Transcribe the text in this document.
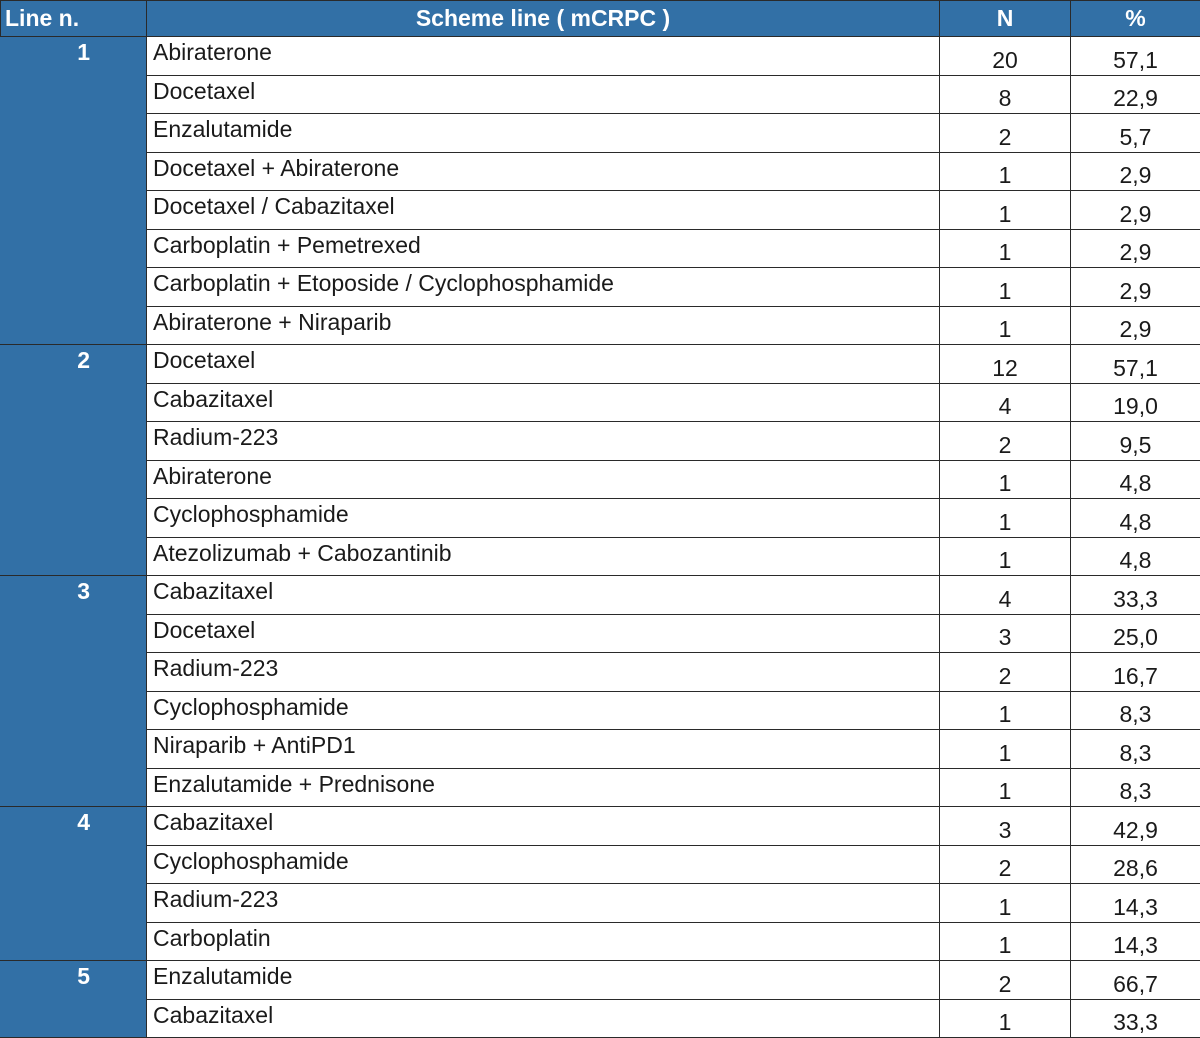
Line n.	Scheme line ( mCRPC )	N	%
1	Abiraterone	20	57,1
	Docetaxel	8	22,9
	Enzalutamide	2	5,7
	Docetaxel + Abiraterone	1	2,9
	Docetaxel / Cabazitaxel	1	2,9
	Carboplatin + Pemetrexed	1	2,9
	Carboplatin + Etoposide / Cyclophosphamide	1	2,9
	Abiraterone + Niraparib	1	2,9
2	Docetaxel	12	57,1
	Cabazitaxel	4	19,0
	Radium-223	2	9,5
	Abiraterone	1	4,8
	Cyclophosphamide	1	4,8
	Atezolizumab + Cabozantinib	1	4,8
3	Cabazitaxel	4	33,3
	Docetaxel	3	25,0
	Radium-223	2	16,7
	Cyclophosphamide	1	8,3
	Niraparib + AntiPD1	1	8,3
	Enzalutamide + Prednisone	1	8,3
4	Cabazitaxel	3	42,9
	Cyclophosphamide	2	28,6
	Radium-223	1	14,3
	Carboplatin	1	14,3
5	Enzalutamide	2	66,7
	Cabazitaxel	1	33,3
